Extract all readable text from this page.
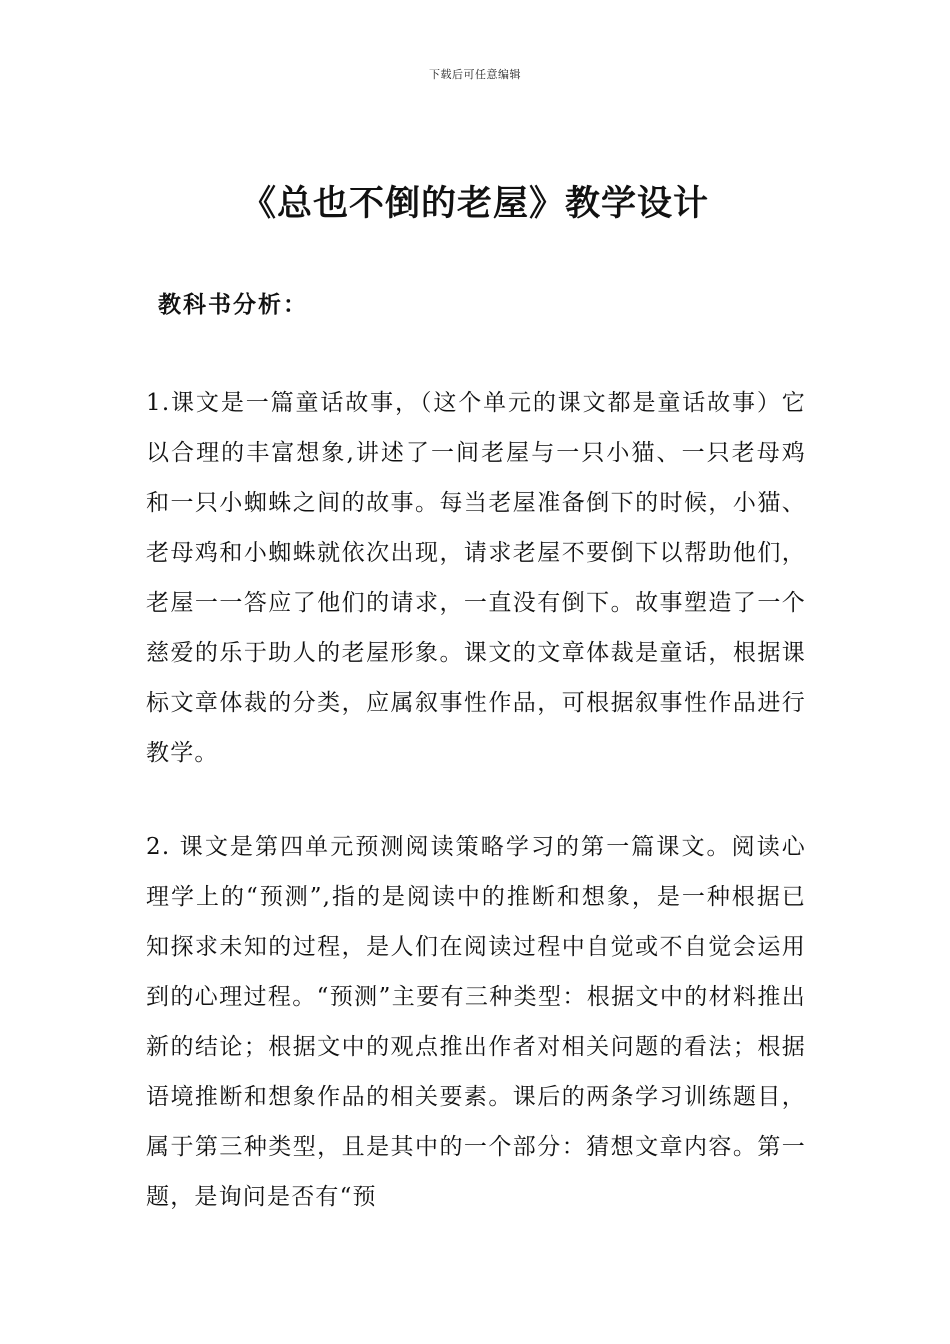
下载后可任意编辑
《总也不倒的老屋》教学设计
教科书分析：

1.课文是一篇童话故事，（这个单元的课文都是童话故事）它以合理的丰富想象,讲述了一间老屋与一只小猫、一只老母鸡和一只小蜘蛛之间的故事。每当老屋准备倒下的时候，小猫、老母鸡和小蜘蛛就依次出现，请求老屋不要倒下以帮助他们，老屋一一答应了他们的请求，一直没有倒下。故事塑造了一个慈爱的乐于助人的老屋形象。课文的文章体裁是童话，根据课标文章体裁的分类，应属叙事性作品，可根据叙事性作品进行教学。

2. 课文是第四单元预测阅读策略学习的第一篇课文。阅读心理学上的“预测”,指的是阅读中的推断和想象，是一种根据已知探求未知的过程，是人们在阅读过程中自觉或不自觉会运用到的心理过程。“预测”主要有三种类型：根据文中的材料推出新的结论；根据文中的观点推出作者对相关问题的看法；根据语境推断和想象作品的相关要素。课后的两条学习训练题目，属于第三种类型，且是其中的一个部分：猜想文章内容。第一题，是询问是否有“预
